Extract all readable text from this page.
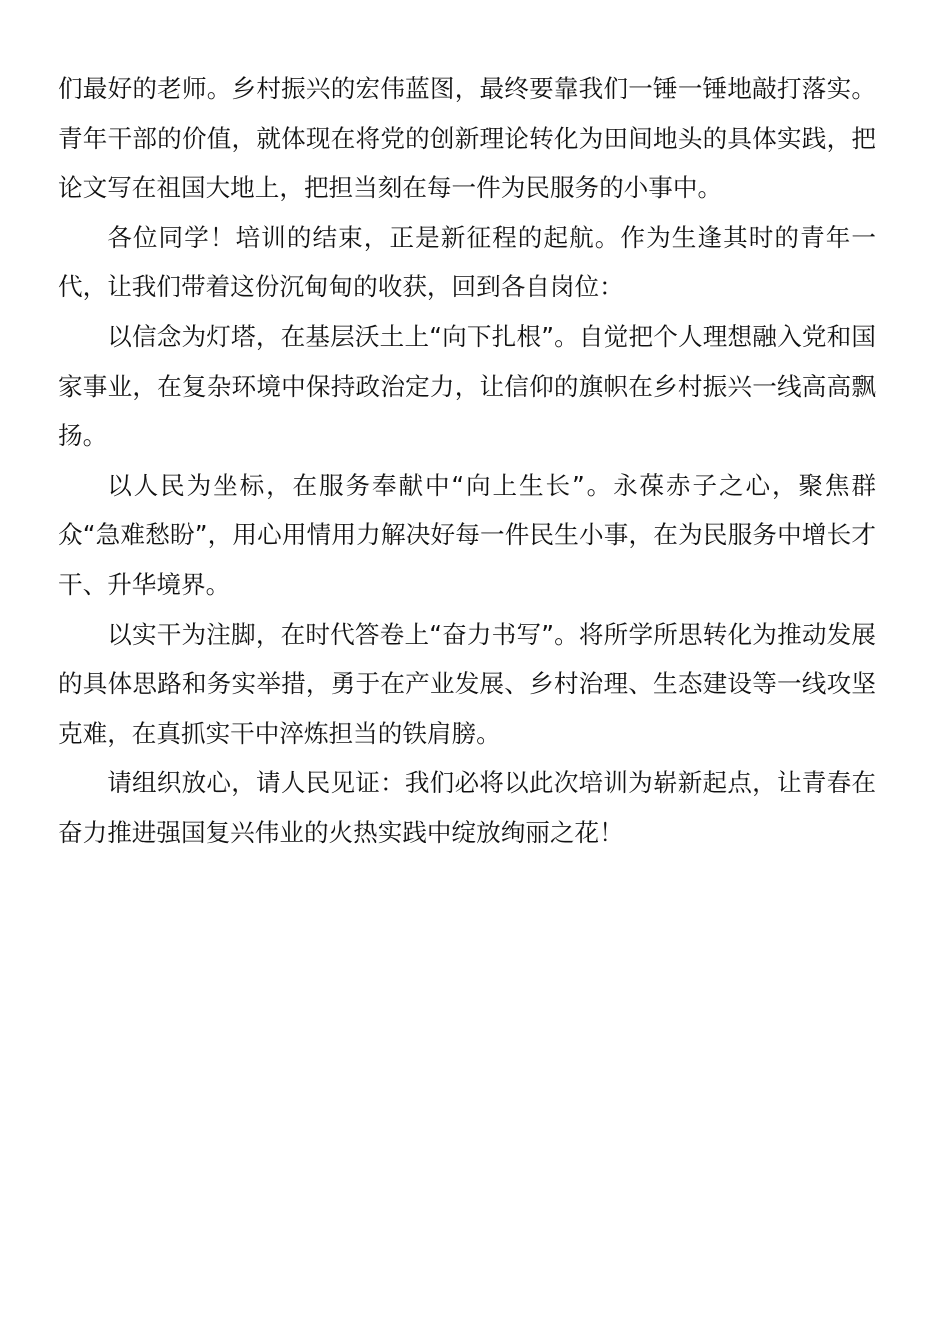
们最好的老师。乡村振兴的宏伟蓝图，最终要靠我们一锤一锤地敲打落实。青年干部的价值，就体现在将党的创新理论转化为田间地头的具体实践，把论文写在祖国大地上，把担当刻在每一件为民服务的小事中。

各位同学！培训的结束，正是新征程的起航。作为生逢其时的青年一代，让我们带着这份沉甸甸的收获，回到各自岗位：

以信念为灯塔，在基层沃土上“向下扎根”。自觉把个人理想融入党和国家事业，在复杂环境中保持政治定力，让信仰的旗帜在乡村振兴一线高高飘扬。

以人民为坐标，在服务奉献中“向上生长”。永葆赤子之心，聚焦群众“急难愁盼”，用心用情用力解决好每一件民生小事，在为民服务中增长才干、升华境界。

以实干为注脚，在时代答卷上“奋力书写”。将所学所思转化为推动发展的具体思路和务实举措，勇于在产业发展、乡村治理、生态建设等一线攻坚克难，在真抓实干中淬炼担当的铁肩膀。

请组织放心，请人民见证：我们必将以此次培训为崭新起点，让青春在奋力推进强国复兴伟业的火热实践中绽放绚丽之花！
